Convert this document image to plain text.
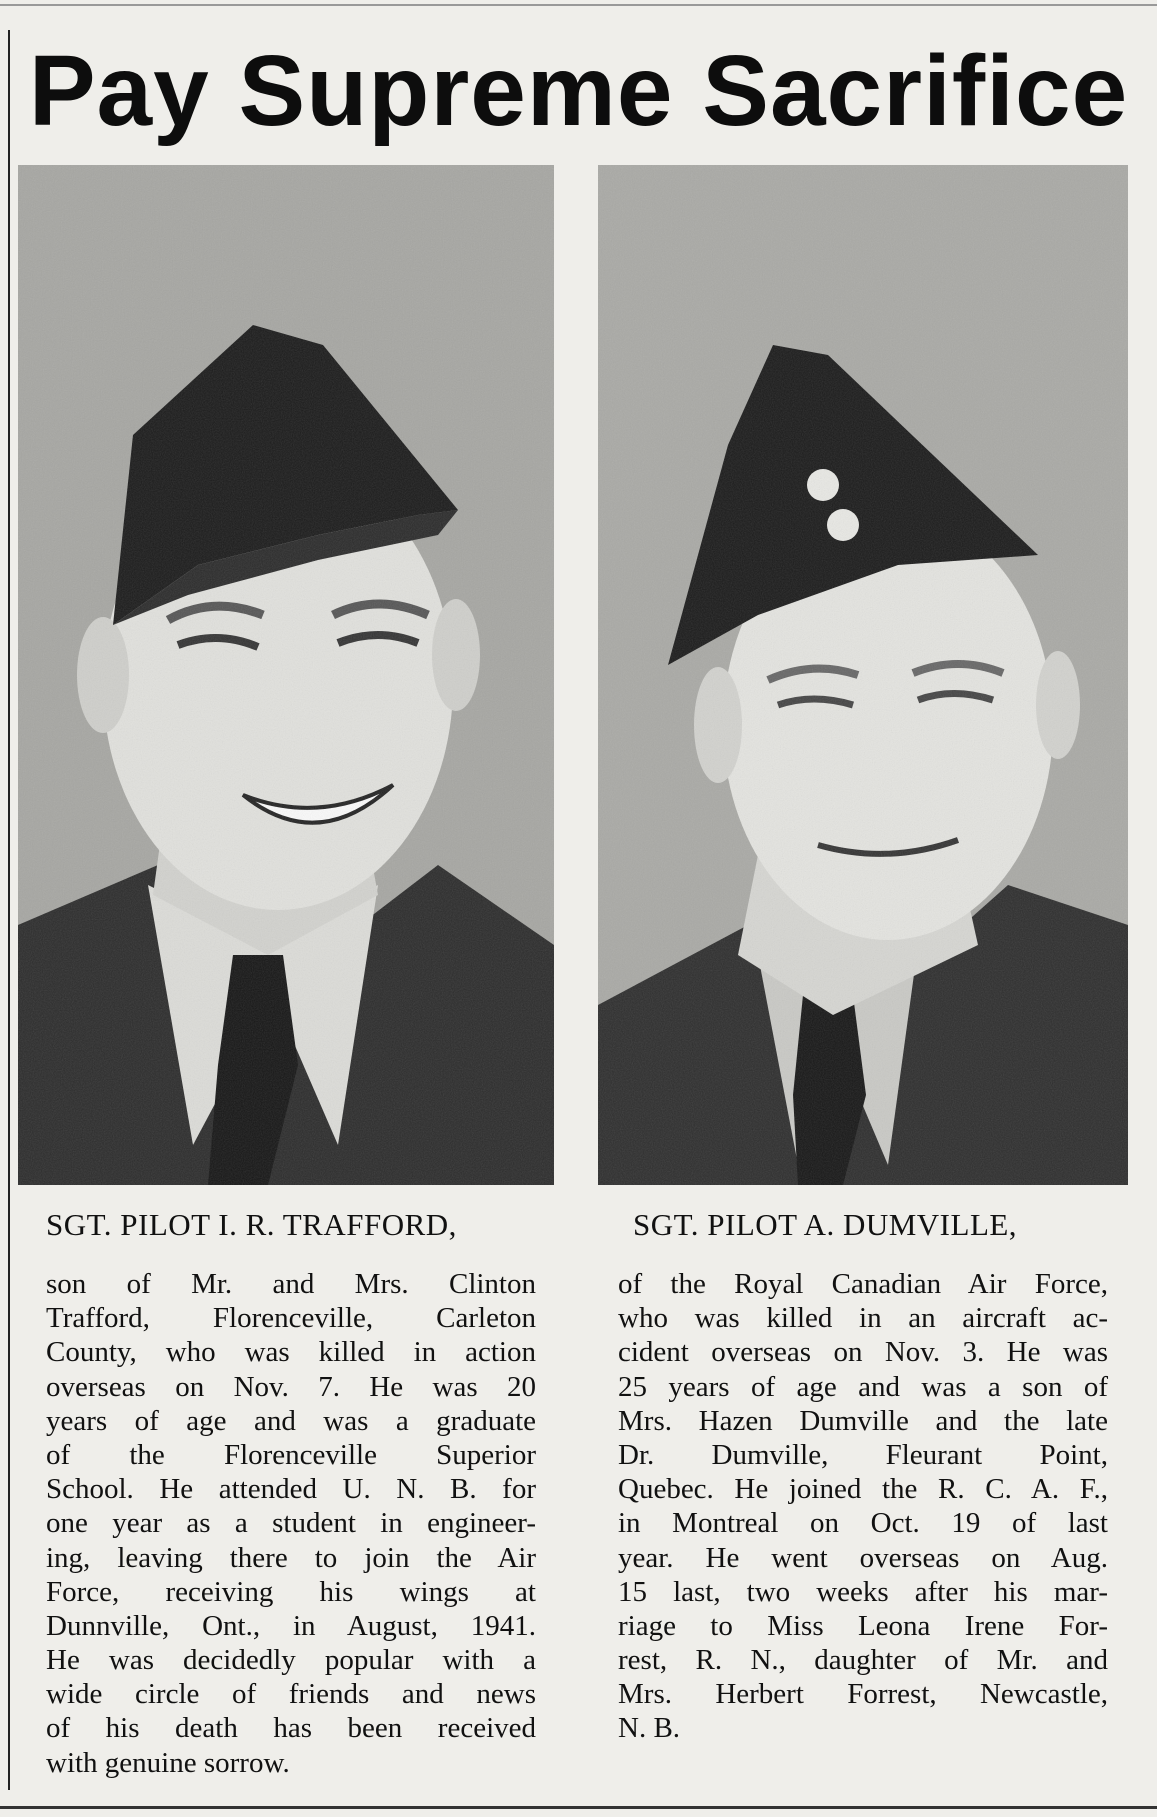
Pay Supreme Sacrifice
SGT. PILOT I. R. TRAFFORD,	SGT. PILOT A. DUMVILLE,
son of Mr. and Mrs. Clinton
Trafford, Florenceville, Carleton
County, who was killed in action
overseas on Nov. 7. He was 20
years of age and was a graduate
of the Florenceville Superior
School. He attended U. N. B. for
one year as a student in engineer-
ing, leaving there to join the Air
Force, receiving his wings at
Dunnville, Ont., in August, 1941.
He was decidedly popular with a
wide circle of friends and news
of his death has been received
with genuine sorrow.
of the Royal Canadian Air Force,
who was killed in an aircraft ac-
cident overseas on Nov. 3. He was
25 years of age and was a son of
Mrs. Hazen Dumville and the late
Dr. Dumville, Fleurant Point,
Quebec. He joined the R. C. A. F.,
in Montreal on Oct. 19 of last
year. He went overseas on Aug.
15 last, two weeks after his mar-
riage to Miss Leona Irene For-
rest, R. N., daughter of Mr. and
Mrs. Herbert Forrest, Newcastle,
N. B.
